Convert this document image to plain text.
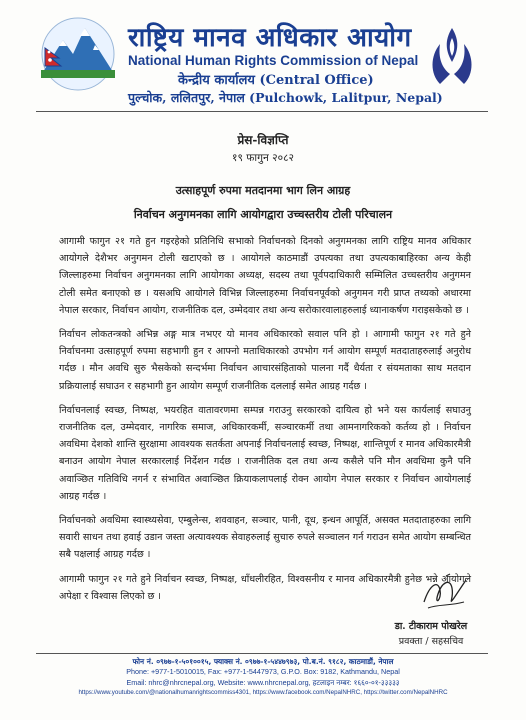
राष्ट्रिय मानव अधिकार आयोग
National Human Rights Commission of Nepal
केन्द्रीय कार्यालय (Central Office)
पुल्चोक, ललितपुर, नेपाल (Pulchowk, Lalitpur, Nepal)
प्रेस-विज्ञप्ति
१९ फागुन २०८२
उत्साहपूर्ण रुपमा मतदानमा भाग लिन आग्रह
निर्वाचन अनुगमनका लागि आयोगद्वारा उच्चस्तरीय टोली परिचालन

आगामी फागुन २१ गते हुन गइरहेको प्रतिनिधि सभाको निर्वाचनको दिनको अनुगमनका लागि राष्ट्रिय मानव अधिकार आयोगले देशैभर अनुगमन टोली खटाएको छ । आयोगले काठमाडौं उपत्यका तथा उपत्यकाबाहिरका अन्य केही जिल्लाहरुमा निर्वाचन अनुगमनका लागि आयोगका अध्यक्ष, सदस्य तथा पूर्वपदाधिकारी सम्मिलित उच्चस्तरीय अनुगमन टोली समेत बनाएको छ । यसअघि आयोगले विभिन्न जिल्लाहरुमा निर्वाचनपूर्वको अनुगमन गरी प्राप्त तथ्यको अधारमा नेपाल सरकार, निर्वाचन आयोग, राजनीतिक दल, उम्मेदवार तथा अन्य सरोकारवालाहरुलाई ध्यानाकर्षण गराइसकेको छ ।

निर्वाचन लोकतन्त्रको अभिन्न अङ्ग मात्र नभएर यो मानव अधिकारको सवाल पनि हो । आगामी फागुन २१ गते हुने निर्वाचनमा उत्साहपूर्ण रुपमा सहभागी हुन र आफ्नो मताधिकारको उपभोग गर्न आयोग सम्पूर्ण मतदाताहरुलाई अनुरोध गर्दछ । मौन अवधि सुरु भैसकेको सन्दर्भमा निर्वाचन आचारसंहिताको पालना गर्दै धैर्यता र संयमताका साथ मतदान प्रक्रियालाई सघाउन र सहभागी हुन आयोग सम्पूर्ण राजनीतिक दललाई समेत आग्रह गर्दछ ।

निर्वाचनलाई स्वच्छ, निष्पक्ष, भयरहित वातावरणमा सम्पन्न गराउनु सरकारको दायित्व हो भने यस कार्यलाई सघाउनु राजनीतिक दल, उम्मेदवार, नागरिक समाज, अधिकारकर्मी, सञ्चारकर्मी तथा आमनागरिकको कर्तव्य हो । निर्वाचन अवधिमा देशको शान्ति सुरक्षामा आवश्यक सतर्कता अपनाई निर्वाचनलाई स्वच्छ, निष्पक्ष, शान्तिपूर्ण र मानव अधिकारमैत्री बनाउन आयोग नेपाल सरकारलाई निर्देशन गर्दछ । राजनीतिक दल तथा अन्य कसैले पनि मौन अवधिमा कुनै पनि अवाञ्छित गतिविधि नगर्न र संभावित अवाञ्छित क्रियाकलापलाई रोक्न आयोग नेपाल सरकार र निर्वाचन आयोगलाई आग्रह गर्दछ ।

निर्वाचनको अवधिमा स्वास्थ्यसेवा, एम्बुलेन्स, शववाहन, सञ्चार, पानी, दूध, इन्धन आपूर्ति, असक्त मतदाताहरुका लागि सवारी साधन तथा हवाई उडान जस्ता अत्यावश्यक सेवाहरुलाई सुचारु रुपले सञ्चालन गर्न गराउन समेत आयोग सम्बन्धित सबै पक्षलाई आग्रह गर्दछ ।

आगामी फागुन २१ गते हुने निर्वाचन स्वच्छ, निष्पक्ष, धाँधलीरहित, विश्वसनीय र मानव अधिकारमैत्री हुनेछ भन्ने आयोगले अपेक्षा र विश्वास लिएको छ ।

डा. टीकाराम पोखरेल
प्रवक्ता / सहसचिव
फोन नं. ०९७७-१-५०१००१५, फ्याक्स नं. ०९७७-१-५४४७९७३, पो.ब.नं. ९१८२, काठमाडौं, नेपाल
Phone: +977-1-5010015, Fax: +977-1-5447973, G.P.O. Box: 9182, Kathmandu, Nepal
Email: nhrc@nhrcnepal.org, Website: www.nhrcnepal.org, हटलाइन नम्बर: १६६०-०१-३३३३३
https://www.youtube.com/@nationalhumanrightscommiss4301, https://www.facebook.com/NepalNHRC, https://twitter.com/NepalNHRC
